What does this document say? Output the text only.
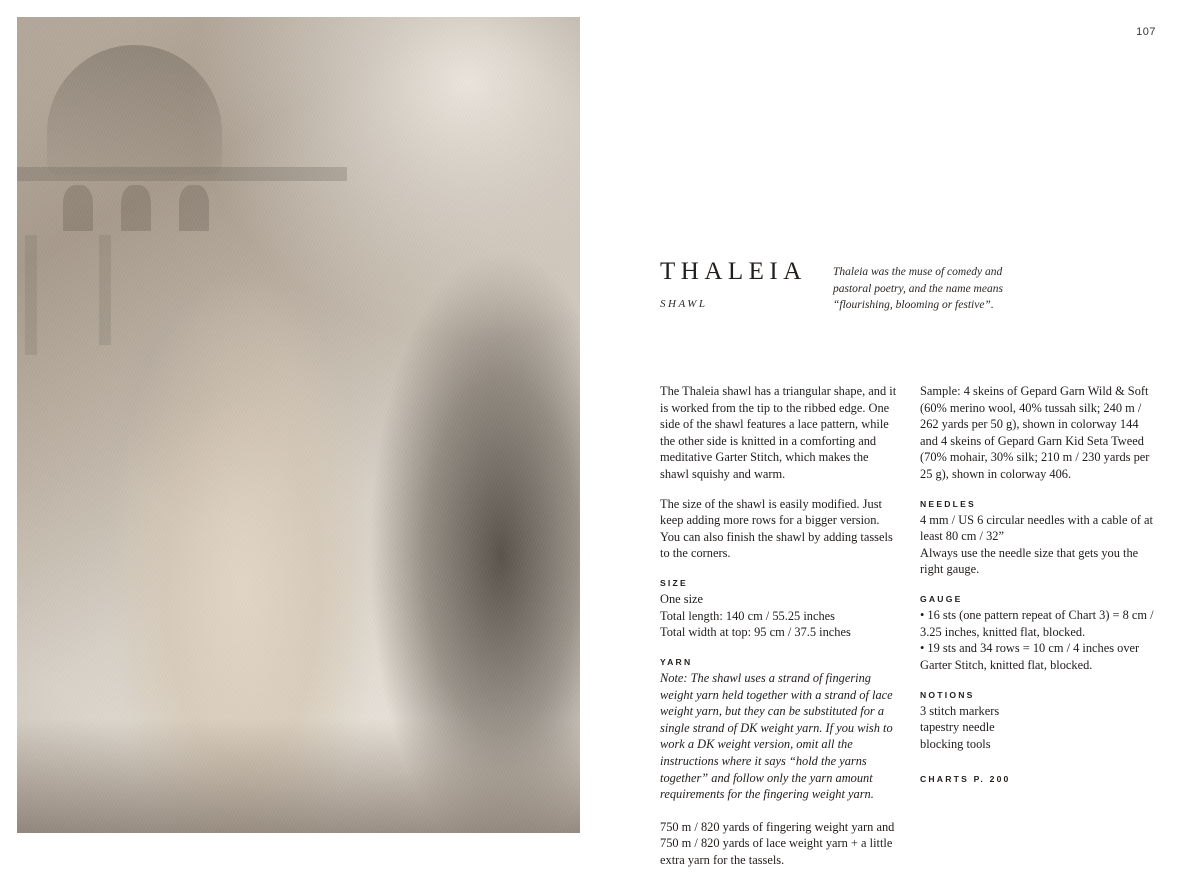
107
THALEIA
SHAWL
Thaleia was the muse of comedy and pastoral poetry, and the name means “flourishing, blooming or festive”.

The Thaleia shawl has a triangular shape, and it is worked from the tip to the ribbed edge. One side of the shawl features a lace pattern, while the other side is knitted in a comforting and meditative Garter Stitch, which makes the shawl squishy and warm.

The size of the shawl is easily modified. Just keep adding more rows for a bigger version. You can also finish the shawl by adding tassels to the corners.

SIZE
One size
Total length: 140 cm / 55.25 inches
Total width at top: 95 cm / 37.5 inches
YARN

Note: The shawl uses a strand of fingering weight yarn held together with a strand of lace weight yarn, but they can be substituted for a single strand of DK weight yarn. If you wish to work a DK weight version, omit all the instructions where it says “hold the yarns together” and follow only the yarn amount requirements for the fingering weight yarn.

750 m / 820 yards of fingering weight yarn and 750 m / 820 yards of lace weight yarn + a little extra yarn for the tassels.

Sample: 4 skeins of Gepard Garn Wild & Soft (60% merino wool, 40% tussah silk; 240 m / 262 yards per 50 g), shown in colorway 144 and 4 skeins of Gepard Garn Kid Seta Tweed (70% mohair, 30% silk; 210 m / 230 yards per 25 g), shown in colorway 406.

NEEDLES
4 mm / US 6 circular needles with a cable of at least 80 cm / 32”
Always use the needle size that gets you the right gauge.
GAUGE
• 16 sts (one pattern repeat of Chart 3) = 8 cm / 3.25 inches, knitted flat, blocked.
• 19 sts and 34 rows = 10 cm / 4 inches over Garter Stitch, knitted flat, blocked.
NOTIONS
3 stitch markers
tapestry needle
blocking tools
CHARTS P. 200
